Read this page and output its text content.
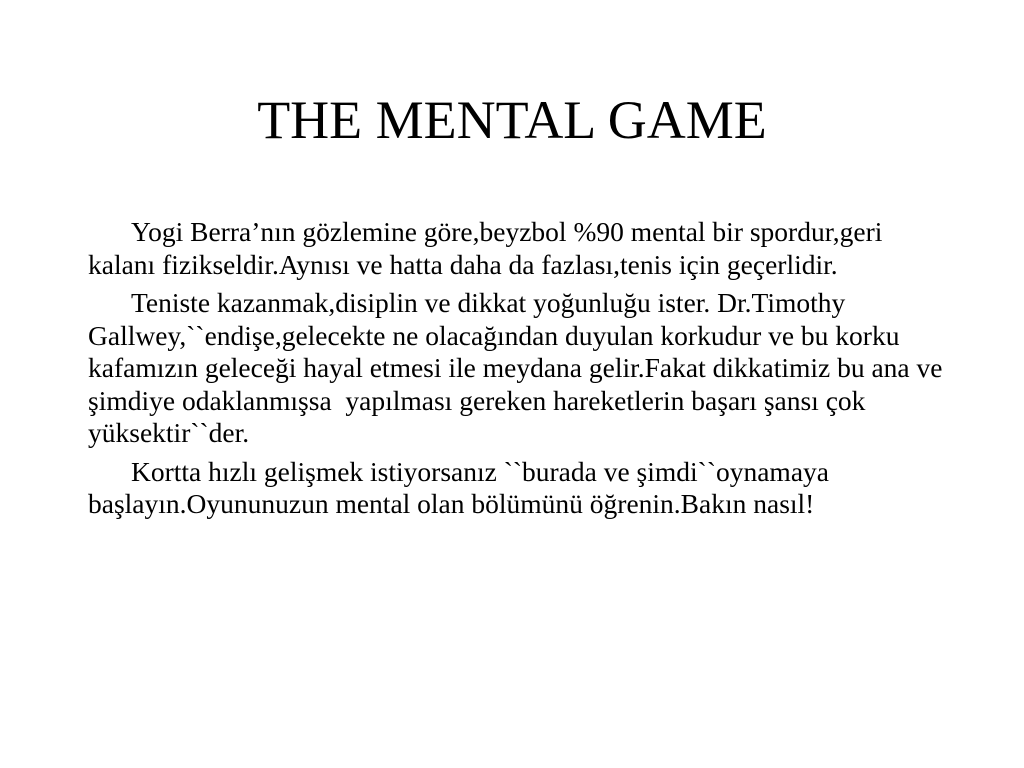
THE MENTAL GAME

Yogi Berra’nın gözlemine göre,beyzbol %90 mental bir spordur,geri kalanı fizikseldir.Aynısı ve hatta daha da fazlası,tenis için geçerlidir.

Teniste kazanmak,disiplin ve dikkat yoğunluğu ister. Dr.Timothy Gallwey,``endişe,gelecekte ne olacağından duyulan korkudur ve bu korku kafamızın geleceği hayal etmesi ile meydana gelir.Fakat dikkatimiz bu ana ve şimdiye odaklanmışsa  yapılması gereken hareketlerin başarı şansı çok yüksektir``der.

Kortta hızlı gelişmek istiyorsanız ``burada ve şimdi``oynamaya başlayın.Oyununuzun mental olan bölümünü öğrenin.Bakın nasıl!
